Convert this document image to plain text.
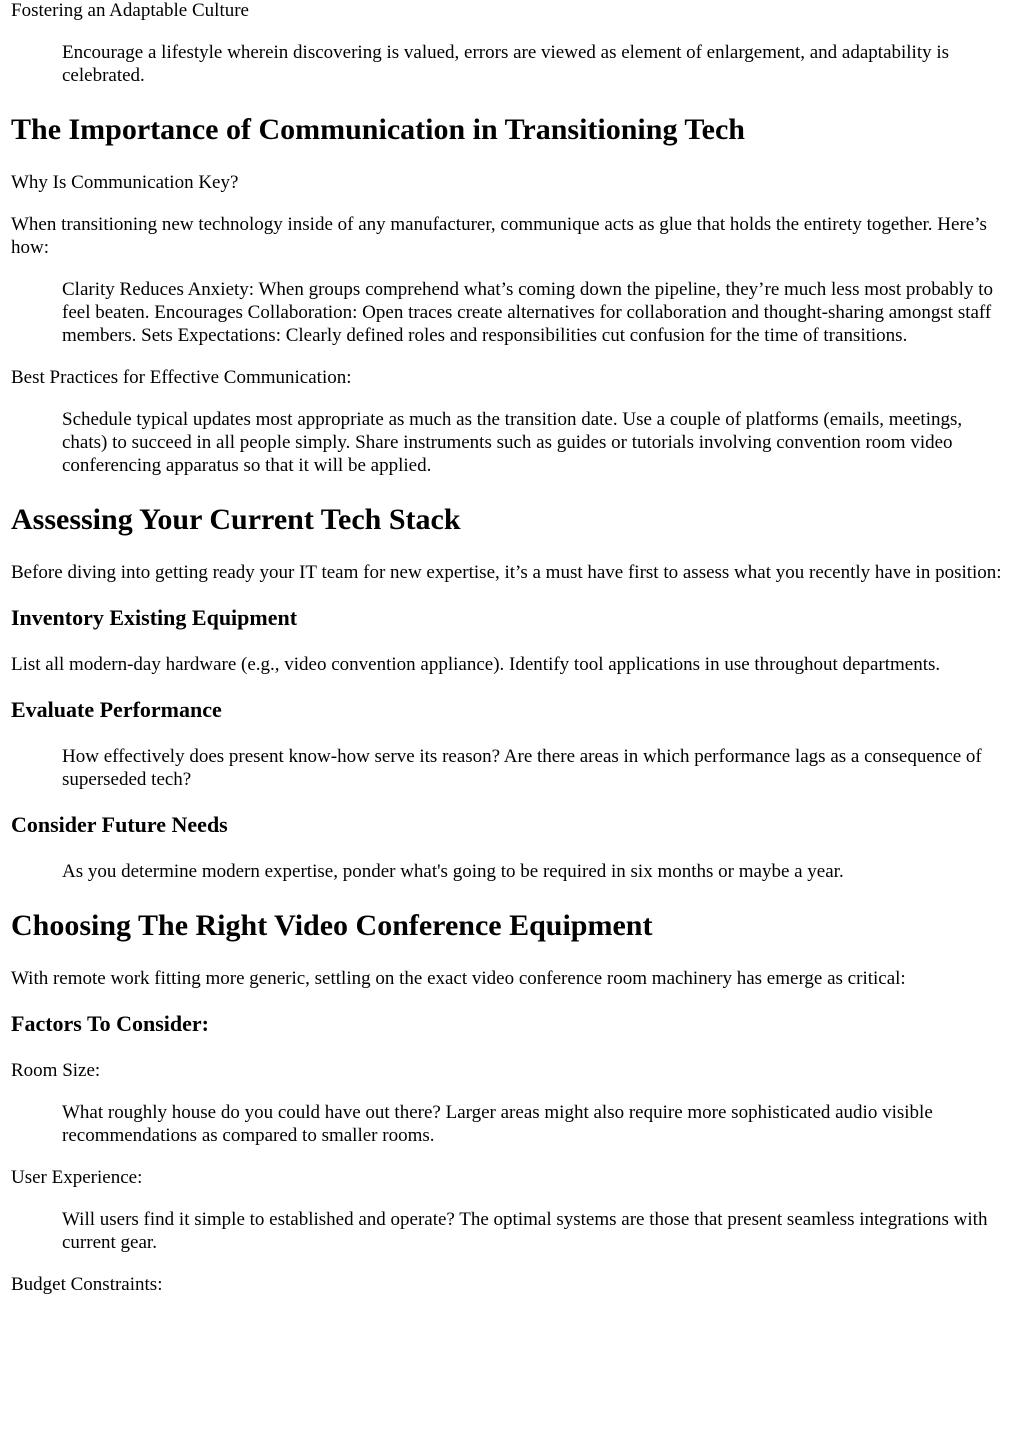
Fostering an Adaptable Culture

Encourage a lifestyle wherein discovering is valued, errors are viewed as element of enlargement, and adaptability is celebrated.

The Importance of Communication in Transitioning Tech

Why Is Communication Key?

When transitioning new technology inside of any manufacturer, communique acts as glue that holds the entirety together. Here’s how:

Clarity Reduces Anxiety: When groups comprehend what’s coming down the pipeline, they’re much less most probably to feel beaten. Encourages Collaboration: Open traces create alternatives for collaboration and thought-sharing amongst staff members. Sets Expectations: Clearly defined roles and responsibilities cut confusion for the time of transitions.

Best Practices for Effective Communication:

Schedule typical updates most appropriate as much as the transition date. Use a couple of platforms (emails, meetings, chats) to succeed in all people simply. Share instruments such as guides or tutorials involving convention room video conferencing apparatus so that it will be applied.

Assessing Your Current Tech Stack

Before diving into getting ready your IT team for new expertise, it’s a must have first to assess what you recently have in position:

Inventory Existing Equipment

List all modern-day hardware (e.g., video convention appliance). Identify tool applications in use throughout departments.

Evaluate Performance

How effectively does present know-how serve its reason? Are there areas in which performance lags as a consequence of superseded tech?

Consider Future Needs

As you determine modern expertise, ponder what's going to be required in six months or maybe a year.

Choosing The Right Video Conference Equipment

With remote work fitting more generic, settling on the exact video conference room machinery has emerge as critical:

Factors To Consider:

Room Size:

What roughly house do you could have out there? Larger areas might also require more sophisticated audio visible recommendations as compared to smaller rooms.

User Experience:

Will users find it simple to established and operate? The optimal systems are those that present seamless integrations with current gear.

Budget Constraints:
